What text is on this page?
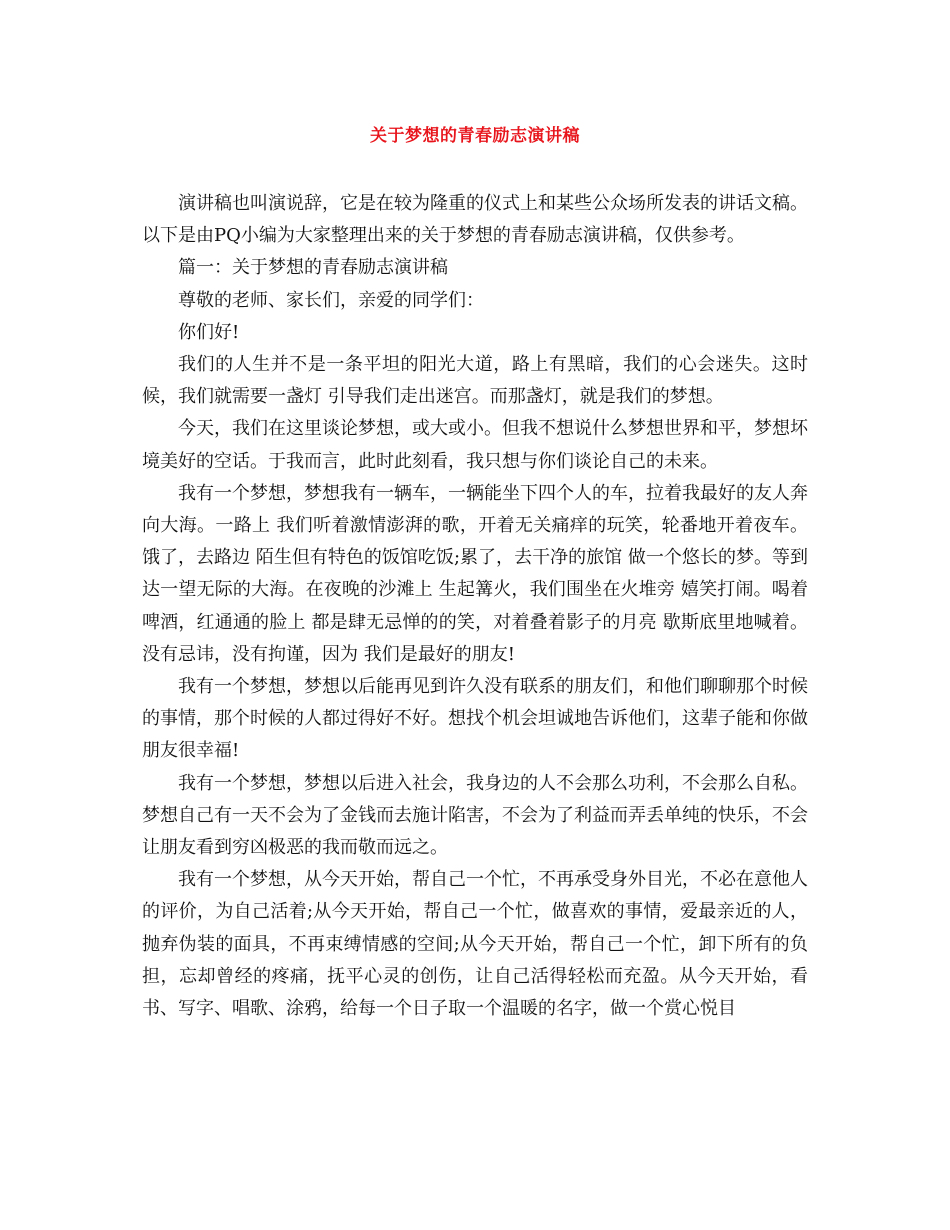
关于梦想的青春励志演讲稿

演讲稿也叫演说辞，它是在较为隆重的仪式上和某些公众场所发表的讲话文稿。以下是由PQ小编为大家整理出来的关于梦想的青春励志演讲稿，仅供参考。

篇一：关于梦想的青春励志演讲稿

尊敬的老师、家长们，亲爱的同学们：

你们好!

我们的人生并不是一条平坦的阳光大道，路上有黑暗，我们的心会迷失。这时候，我们就需要一盏灯 引导我们走出迷宫。而那盏灯，就是我们的梦想。

今天，我们在这里谈论梦想，或大或小。但我不想说什么梦想世界和平，梦想坏境美好的空话。于我而言，此时此刻看，我只想与你们谈论自己的未来。

我有一个梦想，梦想我有一辆车，一辆能坐下四个人的车，拉着我最好的友人奔向大海。一路上 我们听着激情澎湃的歌，开着无关痛痒的玩笑，轮番地开着夜车。饿了，去路边 陌生但有特色的饭馆吃饭;累了，去干净的旅馆 做一个悠长的梦。等到达一望无际的大海。在夜晚的沙滩上 生起篝火，我们围坐在火堆旁 嬉笑打闹。喝着啤酒，红通通的脸上 都是肆无忌惮的的笑，对着叠着影子的月亮 歇斯底里地喊着。没有忌讳，没有拘谨，因为 我们是最好的朋友!

我有一个梦想，梦想以后能再见到许久没有联系的朋友们，和他们聊聊那个时候的事情，那个时候的人都过得好不好。想找个机会坦诚地告诉他们，这辈子能和你做朋友很幸福!

我有一个梦想，梦想以后进入社会，我身边的人不会那么功利，不会那么自私。梦想自己有一天不会为了金钱而去施计陷害，不会为了利益而弄丢单纯的快乐，不会让朋友看到穷凶极恶的我而敬而远之。

我有一个梦想，从今天开始，帮自己一个忙，不再承受身外目光，不必在意他人的评价，为自己活着;从今天开始，帮自己一个忙，做喜欢的事情，爱最亲近的人，抛弃伪装的面具，不再束缚情感的空间;从今天开始，帮自己一个忙，卸下所有的负担，忘却曾经的疼痛，抚平心灵的创伤，让自己活得轻松而充盈。从今天开始，看书、写字、唱歌、涂鸦，给每一个日子取一个温暖的名字，做一个赏心悦目
